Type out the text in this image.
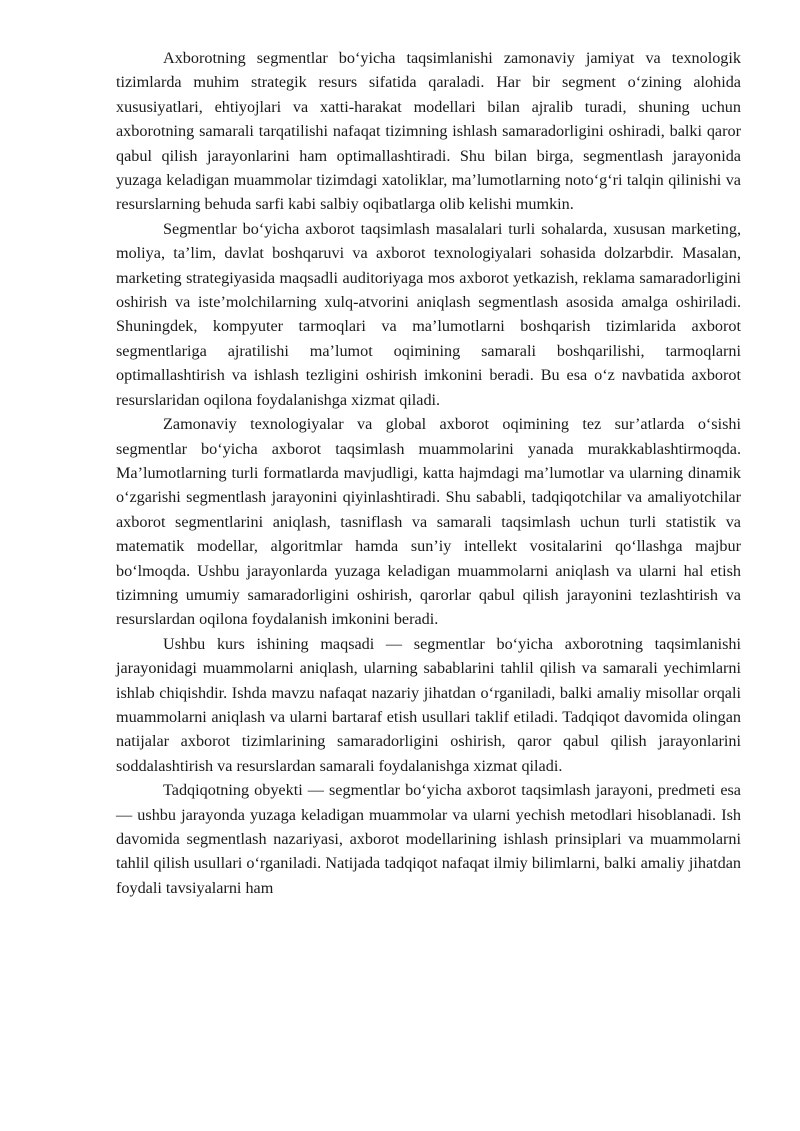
Axborotning segmentlar bo‘yicha taqsimlanishi zamonaviy jamiyat va texnologik tizimlarda muhim strategik resurs sifatida qaraladi. Har bir segment o‘zining alohida xususiyatlari, ehtiyojlari va xatti-harakat modellari bilan ajralib turadi, shuning uchun axborotning samarali tarqatilishi nafaqat tizimning ishlash samaradorligini oshiradi, balki qaror qabul qilish jarayonlarini ham optimallashtiradi. Shu bilan birga, segmentlash jarayonida yuzaga keladigan muammolar tizimdagi xatoliklar, ma’lumotlarning noto‘g‘ri talqin qilinishi va resurslarning behuda sarfi kabi salbiy oqibatlarga olib kelishi mumkin.

Segmentlar bo‘yicha axborot taqsimlash masalalari turli sohalarda, xususan marketing, moliya, ta’lim, davlat boshqaruvi va axborot texnologiyalari sohasida dolzarbdir. Masalan, marketing strategiyasida maqsadli auditoriyaga mos axborot yetkazish, reklama samaradorligini oshirish va iste’molchilarning xulq-atvorini aniqlash segmentlash asosida amalga oshiriladi. Shuningdek, kompyuter tarmoqlari va ma’lumotlarni boshqarish tizimlarida axborot segmentlariga ajratilishi ma’lumot oqimining samarali boshqarilishi, tarmoqlarni optimallashtirish va ishlash tezligini oshirish imkonini beradi. Bu esa o‘z navbatida axborot resurslaridan oqilona foydalanishga xizmat qiladi.

Zamonaviy texnologiyalar va global axborot oqimining tez sur’atlarda o‘sishi segmentlar bo‘yicha axborot taqsimlash muammolarini yanada murakkablashtirmoqda. Ma’lumotlarning turli formatlarda mavjudligi, katta hajmdagi ma’lumotlar va ularning dinamik o‘zgarishi segmentlash jarayonini qiyinlashtiradi. Shu sababli, tadqiqotchilar va amaliyotchilar axborot segmentlarini aniqlash, tasniflash va samarali taqsimlash uchun turli statistik va matematik modellar, algoritmlar hamda sun’iy intellekt vositalarini qo‘llashga majbur bo‘lmoqda. Ushbu jarayonlarda yuzaga keladigan muammolarni aniqlash va ularni hal etish tizimning umumiy samaradorligini oshirish, qarorlar qabul qilish jarayonini tezlashtirish va resurslardan oqilona foydalanish imkonini beradi.

Ushbu kurs ishining maqsadi — segmentlar bo‘yicha axborotning taqsimlanishi jarayonidagi muammolarni aniqlash, ularning sabablarini tahlil qilish va samarali yechimlarni ishlab chiqishdir. Ishda mavzu nafaqat nazariy jihatdan o‘rganiladi, balki amaliy misollar orqali muammolarni aniqlash va ularni bartaraf etish usullari taklif etiladi. Tadqiqot davomida olingan natijalar axborot tizimlarining samaradorligini oshirish, qaror qabul qilish jarayonlarini soddalashtirish va resurslardan samarali foydalanishga xizmat qiladi.

Tadqiqotning obyekti — segmentlar bo‘yicha axborot taqsimlash jarayoni, predmeti esa — ushbu jarayonda yuzaga keladigan muammolar va ularni yechish metodlari hisoblanadi. Ish davomida segmentlash nazariyasi, axborot modellarining ishlash prinsiplari va muammolarni tahlil qilish usullari o‘rganiladi. Natijada tadqiqot nafaqat ilmiy bilimlarni, balki amaliy jihatdan foydali tavsiyalarni ham
